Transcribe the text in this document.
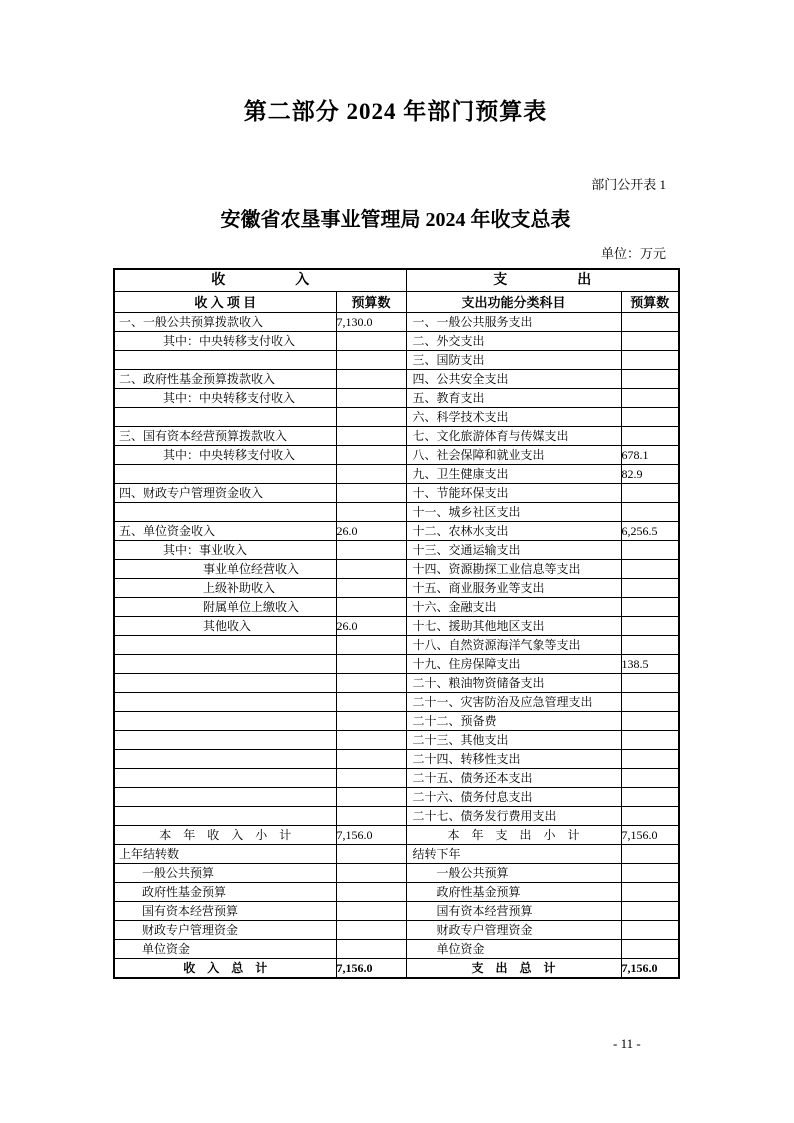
第二部分 2024 年部门预算表
部门公开表 1
安徽省农垦事业管理局 2024 年收支总表
单位：万元
收　　　　　入		支　　　　　出	
收 入 项 目	预算数	支出功能分类科目	预算数
一、一般公共预算拨款收入	7,130.0	一、一般公共服务支出	
其中：中央转移支付收入		二、外交支出	
		三、国防支出	
二、政府性基金预算拨款收入		四、公共安全支出	
其中：中央转移支付收入		五、教育支出	
		六、科学技术支出	
三、国有资本经营预算拨款收入		七、文化旅游体育与传媒支出	
其中：中央转移支付收入		八、社会保障和就业支出	678.1
		九、卫生健康支出	82.9
四、财政专户管理资金收入		十、节能环保支出	
		十一、城乡社区支出	
五、单位资金收入	26.0	十二、农林水支出	6,256.5
其中：事业收入		十三、交通运输支出	
事业单位经营收入		十四、资源勘探工业信息等支出	
上级补助收入		十五、商业服务业等支出	
附属单位上缴收入		十六、金融支出	
其他收入	26.0	十七、援助其他地区支出	
		十八、自然资源海洋气象等支出	
		十九、住房保障支出	138.5
		二十、粮油物资储备支出	
		二十一、灾害防治及应急管理支出	
		二十二、预备费	
		二十三、其他支出	
		二十四、转移性支出	
		二十五、债务还本支出	
		二十六、债务付息支出	
		二十七、债务发行费用支出	
本　年　收　入　小　计	7,156.0	本　年　支　出　小　计	7,156.0
上年结转数		结转下年	
一般公共预算		一般公共预算	
政府性基金预算		政府性基金预算	
国有资本经营预算		国有资本经营预算	
财政专户管理资金		财政专户管理资金	
单位资金		单位资金	
收　入　总　计	7,156.0	支　出　总　计	7,156.0
- 11 -
